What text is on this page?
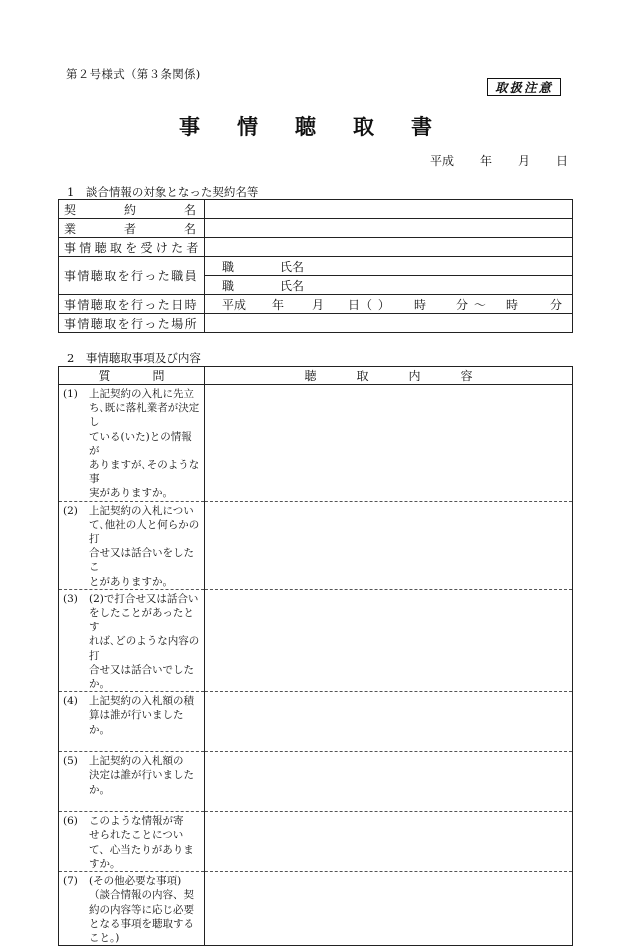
第２号様式（第３条関係)
取扱注意
事情聴取書
平成 年 月 日
1　談合情報の対象となった契約名等
契 約 名	

業 者 名	

事情聴取を受けた者	
事情聴取を行った職員	職 氏名
	職 氏名
事情聴取を行った日時	平成 年 月 日（ ） 時 分 〜 時 分
事情聴取を行った場所	
2　事情聴取事項及び内容
質 問	聴 取 内 容
(1) 上記契約の入札に先立
ち､既に落札業者が決定し
ている(いた)との情報が
ありますが､そのような事
実がありますか。	

(2) 上記契約の入札につい
て､他社の人と何らかの打
合せ又は話合いをしたこ
とがありますか。	

(3) (2)で打合せ又は話合い
をしたことがあったとす
れば､どのような内容の打
合せ又は話合いでしたか。	

(4) 上記契約の入札額の積
算は誰が行いましたか。	

(5) 上記契約の入札額の
決定は誰が行いました
か。	

(6) このような情報が寄
せられたことについ
て、心当たりがありま
すか。	

(7) (その他必要な事項)
（談合情報の内容、契
約の内容等に応じ必要
となる事項を聴取する
こと。)	
